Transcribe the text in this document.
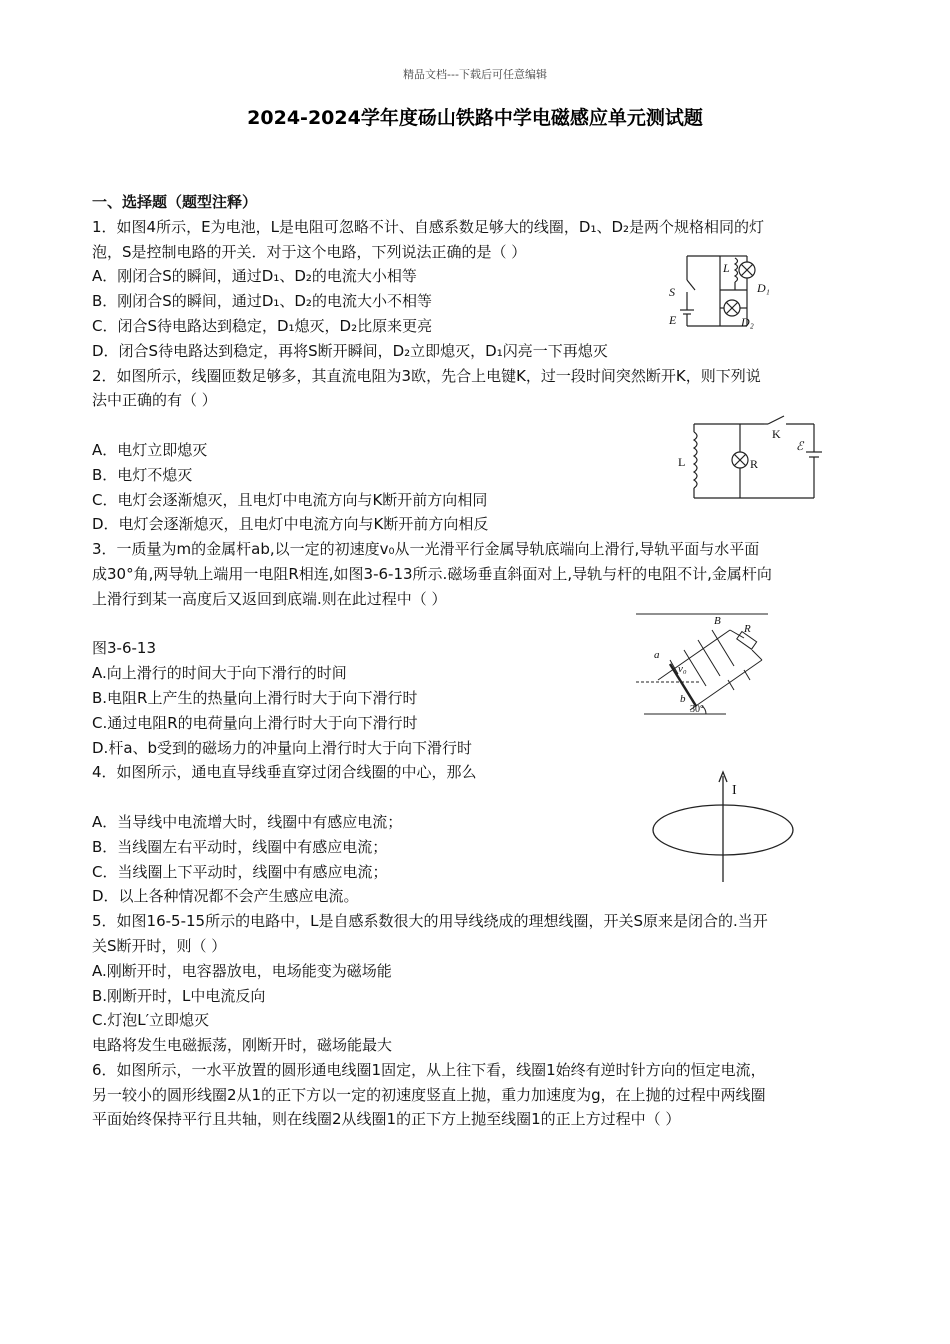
精品文档---下载后可任意编辑
2024-2024学年度砀山铁路中学电磁感应单元测试题

一、选择题（题型注释）

1．如图4所示，E为电池，L是电阻可忽略不计、自感系数足够大的线圈，D₁、D₂是两个规格相同的灯

泡，S是控制电路的开关．对于这个电路，下列说法正确的是（ ）

A．刚闭合S的瞬间，通过D₁、D₂的电流大小相等

B．刚闭合S的瞬间，通过D₁、D₂的电流大小不相等

C．闭合S待电路达到稳定，D₁熄灭，D₂比原来更亮

D．闭合S待电路达到稳定，再将S断开瞬间，D₂立即熄灭，D₁闪亮一下再熄灭

2．如图所示，线圈匝数足够多，其直流电阻为3欧，先合上电键K，过一段时间突然断开K，则下列说

法中正确的有（ ）

A．电灯立即熄灭

B．电灯不熄灭

C．电灯会逐渐熄灭，且电灯中电流方向与K断开前方向相同

D．电灯会逐渐熄灭，且电灯中电流方向与K断开前方向相反

3．一质量为m的金属杆ab,以一定的初速度v₀从一光滑平行金属导轨底端向上滑行,导轨平面与水平面

成30°角,两导轨上端用一电阻R相连,如图3-6-13所示.磁场垂直斜面对上,导轨与杆的电阻不计,金属杆向

上滑行到某一高度后又返回到底端.则在此过程中（ ）

图3-6-13

A.向上滑行的时间大于向下滑行的时间

B.电阻R上产生的热量向上滑行时大于向下滑行时

C.通过电阻R的电荷量向上滑行时大于向下滑行时

D.杆a、b受到的磁场力的冲量向上滑行时大于向下滑行时

4．如图所示，通电直导线垂直穿过闭合线圈的中心，那么

A．当导线中电流增大时，线圈中有感应电流；

B．当线圈左右平动时，线圈中有感应电流；

C．当线圈上下平动时，线圈中有感应电流；

D．以上各种情况都不会产生感应电流。

5．如图16-5-15所示的电路中，L是自感系数很大的用导线绕成的理想线圈，开关S原来是闭合的.当开

关S断开时，则（ ）

A.刚断开时，电容器放电，电场能变为磁场能

B.刚断开时，L中电流反向

C.灯泡L′立即熄灭

电路将发生电磁振荡，刚断开时，磁场能最大

6．如图所示，一水平放置的圆形通电线圈1固定，从上往下看，线圈1始终有逆时针方向的恒定电流，

另一较小的圆形线圈2从1的正下方以一定的初速度竖直上抛，重力加速度为g，在上抛的过程中两线圈

平面始终保持平行且共轴，则在线圈2从线圈1的正下方上抛至线圈1的正上方过程中（ ）

L
S
E
D₁
D₂
L	R
K
ℰ
a
b
B
R
v₀
30°
I
